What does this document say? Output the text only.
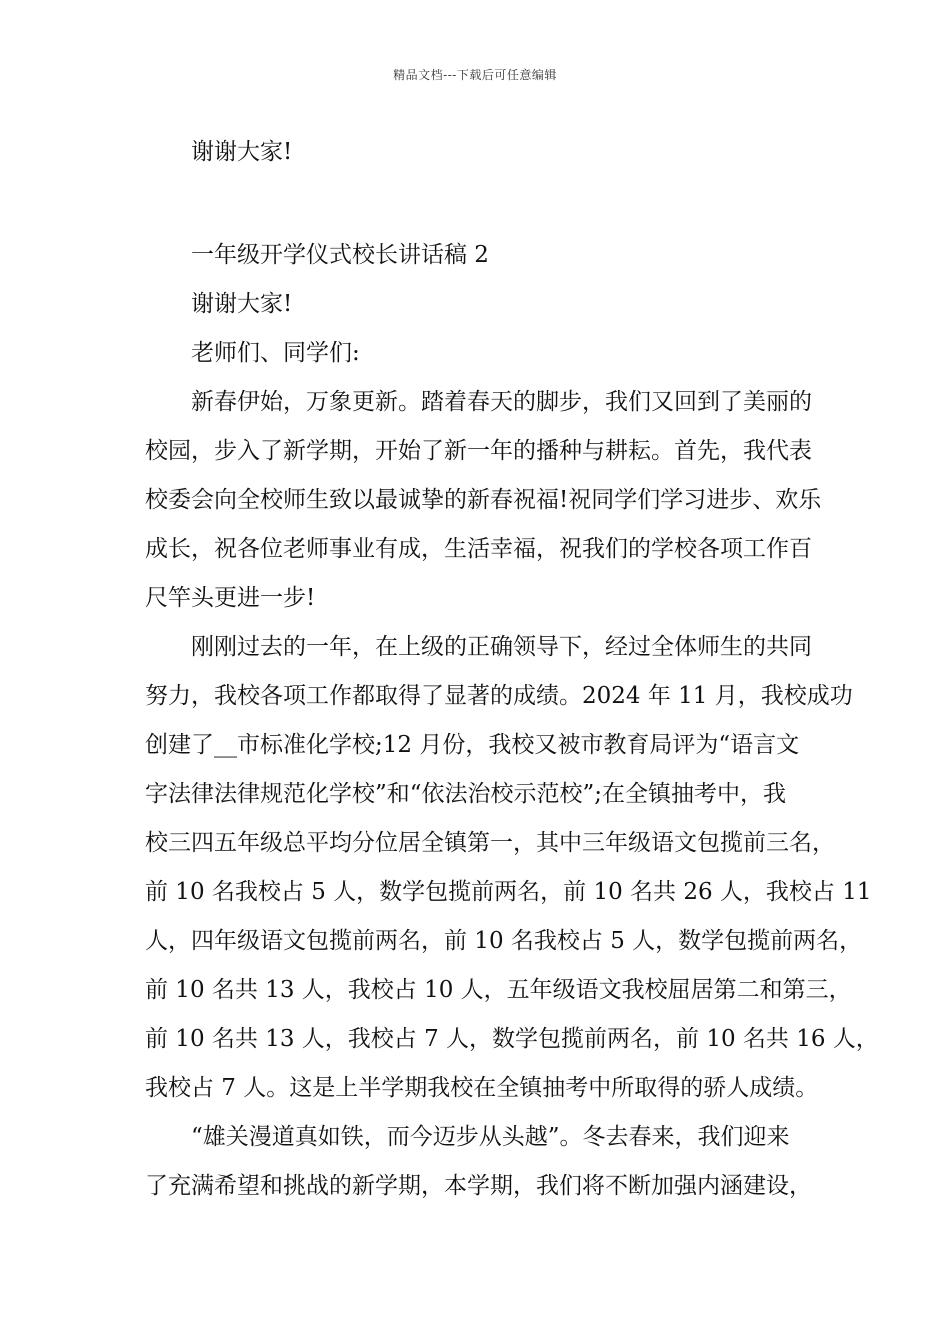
精品文档---下载后可任意编辑
谢谢大家!
一年级开学仪式校长讲话稿 2
谢谢大家!
老师们、同学们:
新春伊始，万象更新。踏着春天的脚步，我们又回到了美丽的
校园，步入了新学期，开始了新一年的播种与耕耘。首先，我代表
校委会向全校师生致以最诚挚的新春祝福!祝同学们学习进步、欢乐
成长，祝各位老师事业有成，生活幸福，祝我们的学校各项工作百
尺竿头更进一步!
刚刚过去的一年，在上级的正确领导下，经过全体师生的共同
努力，我校各项工作都取得了显著的成绩。2024 年 11 月，我校成功
创建了__市标准化学校;12 月份，我校又被市教育局评为“语言文
字法律法律规范化学校”和“依法治校示范校”;在全镇抽考中，我
校三四五年级总平均分位居全镇第一，其中三年级语文包揽前三名，
前 10 名我校占 5 人，数学包揽前两名，前 10 名共 26 人，我校占 11
人，四年级语文包揽前两名，前 10 名我校占 5 人，数学包揽前两名，
前 10 名共 13 人，我校占 10 人，五年级语文我校屈居第二和第三，
前 10 名共 13 人，我校占 7 人，数学包揽前两名，前 10 名共 16 人，
我校占 7 人。这是上半学期我校在全镇抽考中所取得的骄人成绩。
“雄关漫道真如铁，而今迈步从头越”。冬去春来，我们迎来
了充满希望和挑战的新学期，本学期，我们将不断加强内涵建设，
